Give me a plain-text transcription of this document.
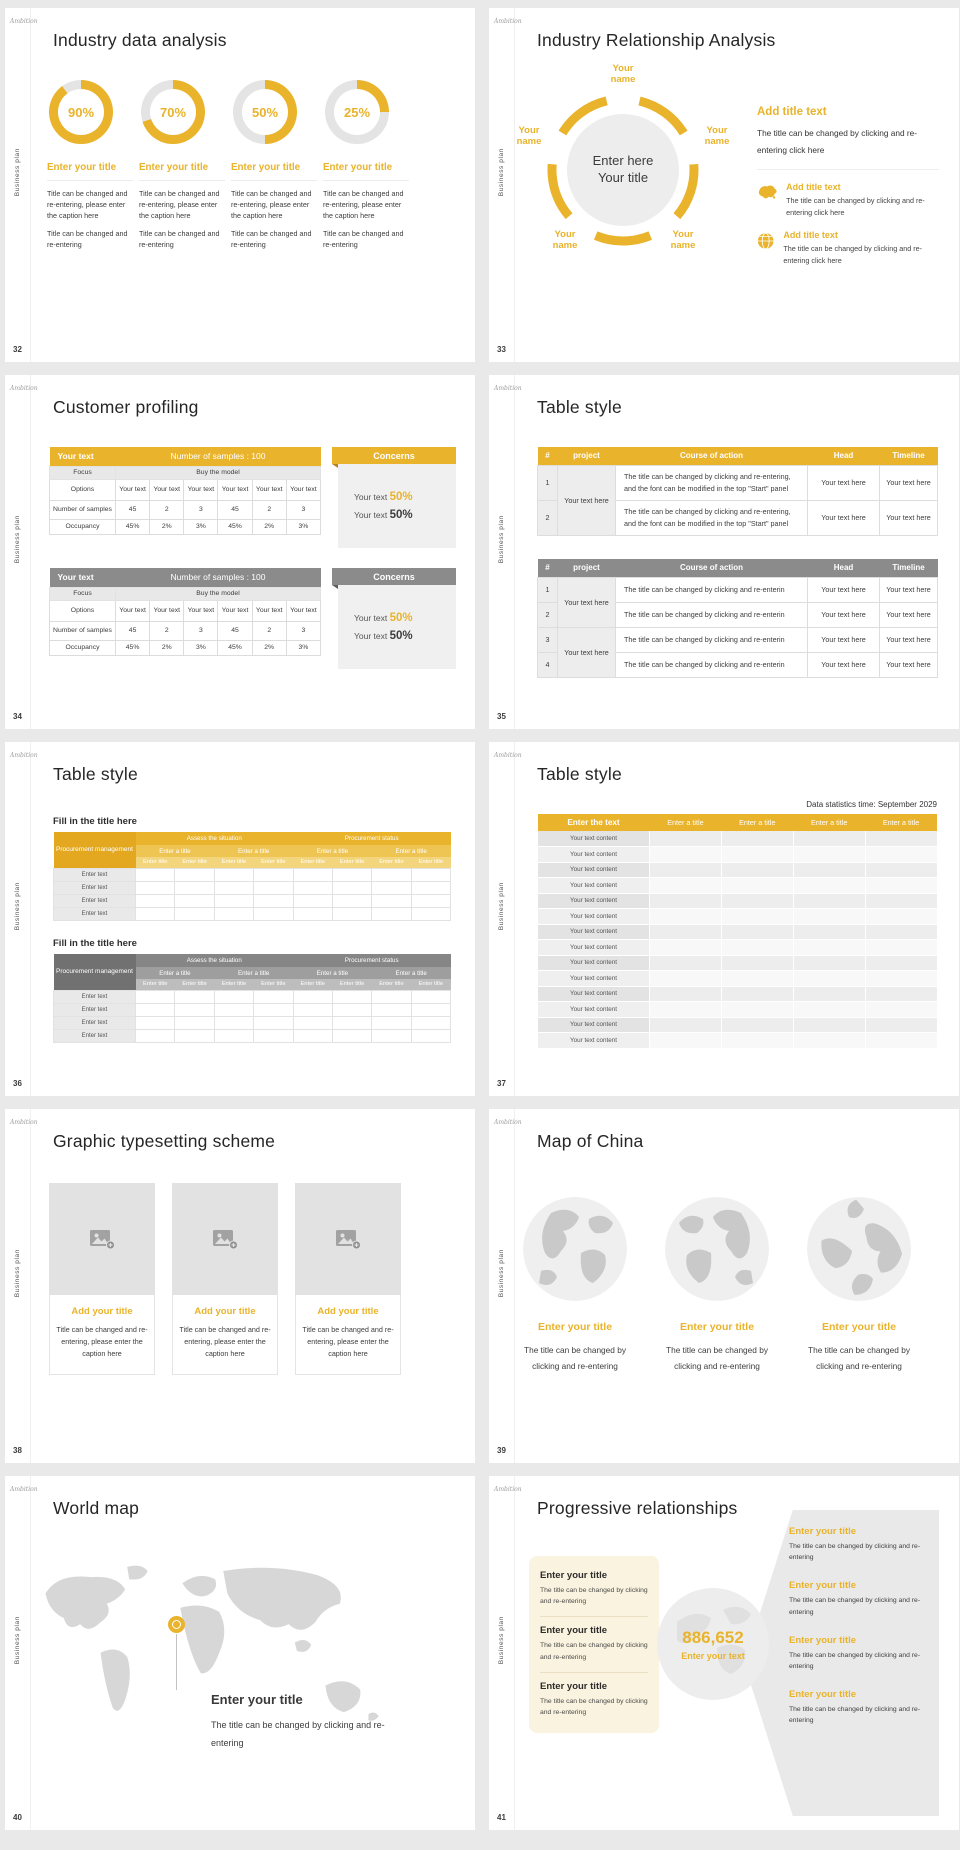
Ambition
Business plan
32
Industry data analysis
90%
Enter your title
Title can be changed and re-entering, please enter the caption here
Title can be changed and re-entering
70%
Enter your title
Title can be changed and re-entering, please enter the caption here
Title can be changed and re-entering
50%
Enter your title
Title can be changed and re-entering, please enter the caption here
Title can be changed and re-entering
25%
Enter your title
Title can be changed and re-entering, please enter the caption here
Title can be changed and re-entering
Ambition
Business plan
33
Industry Relationship Analysis
Enter here
Your title
Your name
Your name
Your name
Your name
Your name
Add title text
The title can be changed by clicking and re-entering click here
Add title text
The title can be changed by clicking and re-entering click here
Add title text
The title can be changed by clicking and re-entering click here
Ambition
Business plan
34
Customer profiling
Your text	Number of samples : 100					
Focus	Buy the model					
Options	Your text	Your text	Your text	Your text	Your text	Your text
Number of samples	45	2	3	45	2	3
Occupancy	45%	2%	3%	45%	2%	3%
Your text	Number of samples : 100					
Focus	Buy the model					
Options	Your text	Your text	Your text	Your text	Your text	Your text
Number of samples	45	2	3	45	2	3
Occupancy	45%	2%	3%	45%	2%	3%
Concerns
Your text 50%
Your text 50%
Concerns
Your text 50%
Your text 50%
Ambition
Business plan
35
Table style
#	project	Course of action	Head	Timeline
1	Your text here	The title can be changed by clicking and re-entering, and the font can be modified in the top "Start" panel	Your text here	Your text here
2		The title can be changed by clicking and re-entering, and the font can be modified in the top "Start" panel	Your text here	Your text here
#	project	Course of action	Head	Timeline
1	Your text here	The title can be changed by clicking and re-enterin	Your text here	Your text here
2		The title can be changed by clicking and re-enterin	Your text here	Your text here
3	Your text here	The title can be changed by clicking and re-enterin	Your text here	Your text here
4		The title can be changed by clicking and re-enterin	Your text here	Your text here
Ambition
Business plan
36
Table style
Fill in the title here
Procurement management	Assess the situation				Procurement status			
	Enter a title		Enter a title		Enter a title		Enter a title	
	Enter title	Enter title	Enter title	Enter title	Enter title	Enter title	Enter title	Enter title
Enter text								
Enter text								
Enter text								
Enter text								
Fill in the title here
Procurement management	Assess the situation				Procurement status			
	Enter a title		Enter a title		Enter a title		Enter a title	
	Enter title	Enter title	Enter title	Enter title	Enter title	Enter title	Enter title	Enter title
Enter text								
Enter text								
Enter text								
Enter text								
Ambition
Business plan
37
Table style
Data statistics time: September 2029
Enter the text	Enter a title	Enter a title	Enter a title	Enter a title
Your text content				
Your text content				
Your text content				
Your text content				
Your text content				
Your text content				
Your text content				
Your text content				
Your text content				
Your text content				
Your text content				
Your text content				
Your text content				
Your text content				
Ambition
Business plan
38
Graphic typesetting scheme
Add your title
Title can be changed and re-entering, please enter the caption here
Add your title
Title can be changed and re-entering, please enter the caption here
Add your title
Title can be changed and re-entering, please enter the caption here
Ambition
Business plan
39
Map of China
Enter your title
The title can be changed by clicking and re-entering
Enter your title
The title can be changed by clicking and re-entering
Enter your title
The title can be changed by clicking and re-entering
Ambition
Business plan
40
World map
Enter your title
The title can be changed by clicking and re-entering
Ambition
Business plan
41
Progressive relationships
Enter your title
The title can be changed by clicking and re-entering
Enter your title
The title can be changed by clicking and re-entering
Enter your title
The title can be changed by clicking and re-entering
886,652
Enter your text
Enter your title
The title can be changed by clicking and re-entering
Enter your title
The title can be changed by clicking and re-entering
Enter your title
The title can be changed by clicking and re-entering
Enter your title
The title can be changed by clicking and re-entering
